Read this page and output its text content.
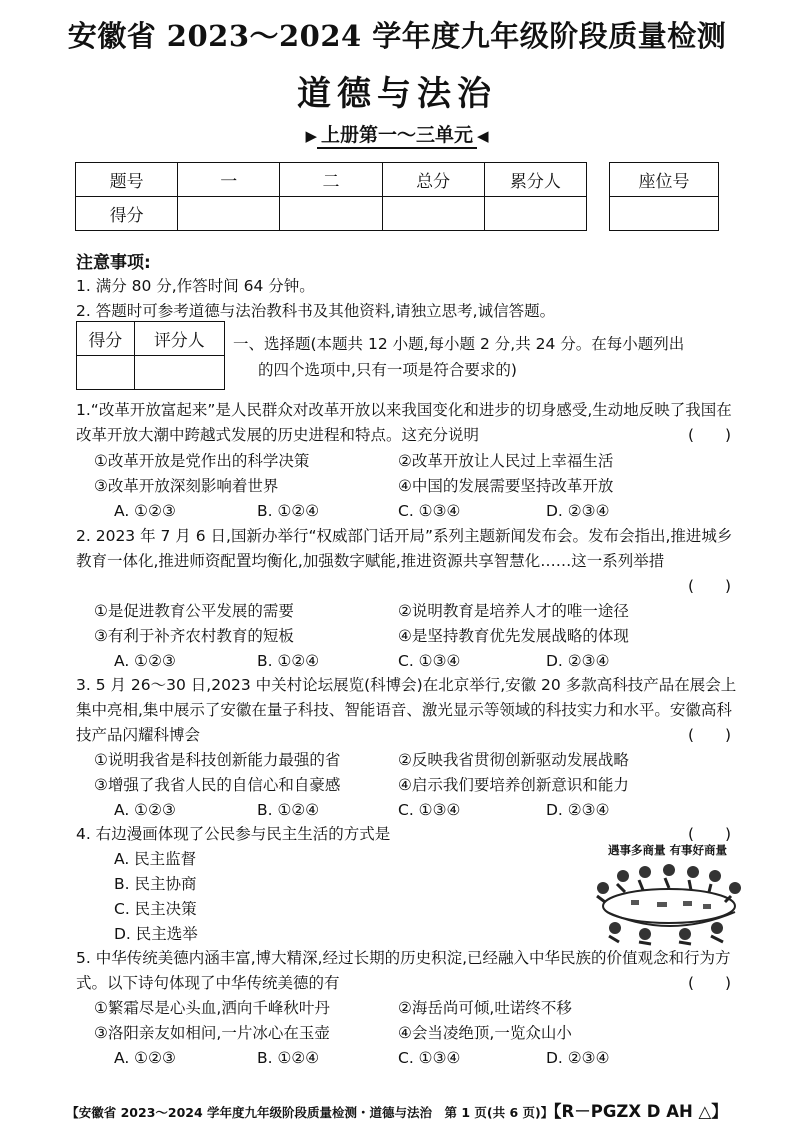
安徽省 2023～2024 学年度九年级阶段质量检测
道德与法治
▶ 上册第一～三单元 ◀
题号	一	二	总分	累分人
得分				
座位号

注意事项:
1. 满分 80 分,作答时间 64 分钟。
2. 答题时可参考道德与法治教科书及其他资料,请独立思考,诚信答题。
得分	评分人
	一、选择题(本题共 12 小题,每小题 2 分,共 24 分。在每小题列出
的四个选项中,只有一项是符合要求的)
1.“改革开放富起来”是人民群众对改革开放以来我国变化和进步的切身感受,生动地反映了我国在改革开放大潮中跨越式发展的历史进程和特点。这充分说明	(　　)
①改革开放是党作出的科学决策	②改革开放让人民过上幸福生活
③改革开放深刻影响着世界	④中国的发展需要坚持改革开放
A. ①②③	B. ①②④	C. ①③④	D. ②③④
2. 2023 年 7 月 6 日,国新办举行“权威部门话开局”系列主题新闻发布会。发布会指出,推进城乡教育一体化,推进师资配置均衡化,加强数字赋能,推进资源共享智慧化……这一系列举措
(　　)
①是促进教育公平发展的需要	②说明教育是培养人才的唯一途径
③有利于补齐农村教育的短板	④是坚持教育优先发展战略的体现
A. ①②③	B. ①②④	C. ①③④	D. ②③④
3. 5 月 26～30 日,2023 中关村论坛展览(科博会)在北京举行,安徽 20 多款高科技产品在展会上集中亮相,集中展示了安徽在量子科技、智能语音、激光显示等领域的科技实力和水平。安徽高科技产品闪耀科博会	(　　)
①说明我省是科技创新能力最强的省	②反映我省贯彻创新驱动发展战略
③增强了我省人民的自信心和自豪感	④启示我们要培养创新意识和能力
A. ①②③	B. ①②④	C. ①③④	D. ②③④
4. 右边漫画体现了公民参与民主生活的方式是	(　　)
A. 民主监督
B. 民主协商
C. 民主决策
D. 民主选举
遇事多商量 有事好商量
5. 中华传统美德内涵丰富,博大精深,经过长期的历史积淀,已经融入中华民族的价值观念和行为方式。以下诗句体现了中华传统美德的有	(　　)
①繁霜尽是心头血,洒向千峰秋叶丹	②海岳尚可倾,吐诺终不移
③洛阳亲友如相问,一片冰心在玉壶	④会当凌绝顶,一览众山小
A. ①②③	B. ①②④	C. ①③④	D. ②③④
【安徽省 2023～2024 学年度九年级阶段质量检测・道德与法治　第 1 页(共 6 页)】【R－PGZX D AH △】
